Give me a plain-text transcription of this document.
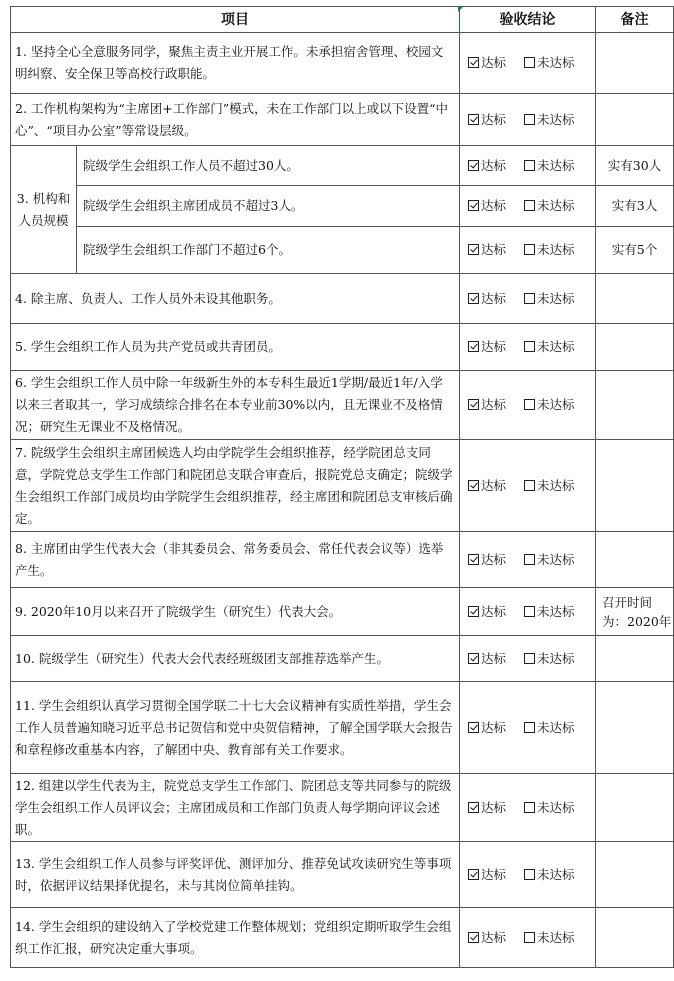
项目		验收结论	备注
1. 坚持全心全意服务同学，聚焦主责主业开展工作。未承担宿舍管理、校园文明纠察、安全保卫等高校行政职能。		达标 未达标	
2. 工作机构架构为“主席团+工作部门”模式，未在工作部门以上或以下设置“中心”、“项目办公室”等常设层级。		达标 未达标	
3. 机构和人员规模	院级学生会组织工作人员不超过30人。	达标 未达标	实有30人
	院级学生会组织主席团成员不超过3人。	达标 未达标	实有3人
	院级学生会组织工作部门不超过6个。	达标 未达标	实有5个
4. 除主席、负责人、工作人员外未设其他职务。		达标 未达标	
5. 学生会组织工作人员为共产党员或共青团员。		达标 未达标	
6. 学生会组织工作人员中除一年级新生外的本专科生最近1学期/最近1年/入学以来三者取其一，学习成绩综合排名在本专业前30%以内，且无课业不及格情况；研究生无课业不及格情况。		达标 未达标	
7. 院级学生会组织主席团候选人均由学院学生会组织推荐，经学院团总支同意，学院党总支学生工作部门和院团总支联合审查后，报院党总支确定；院级学生会组织工作部门成员均由学院学生会组织推荐，经主席团和院团总支审核后确定。		达标 未达标	
8. 主席团由学生代表大会（非其委员会、常务委员会、常任代表会议等）选举产生。		达标 未达标	
9. 2020年10月以来召开了院级学生（研究生）代表大会。		达标 未达标	召开时间为：2020年
10. 院级学生（研究生）代表大会代表经班级团支部推荐选举产生。		达标 未达标	
11. 学生会组织认真学习贯彻全国学联二十七大会议精神有实质性举措，学生会工作人员普遍知晓习近平总书记贺信和党中央贺信精神，了解全国学联大会报告和章程修改重基本内容，了解团中央、教育部有关工作要求。		达标 未达标	
12. 组建以学生代表为主，院党总支学生工作部门、院团总支等共同参与的院级学生会组织工作人员评议会；主席团成员和工作部门负责人每学期向评议会述职。		达标 未达标	
13. 学生会组织工作人员参与评奖评优、测评加分、推荐免试攻读研究生等事项时，依据评议结果择优提名，未与其岗位简单挂钩。		达标 未达标	
14. 学生会组织的建设纳入了学校党建工作整体规划；党组织定期听取学生会组织工作汇报，研究决定重大事项。		达标 未达标	
